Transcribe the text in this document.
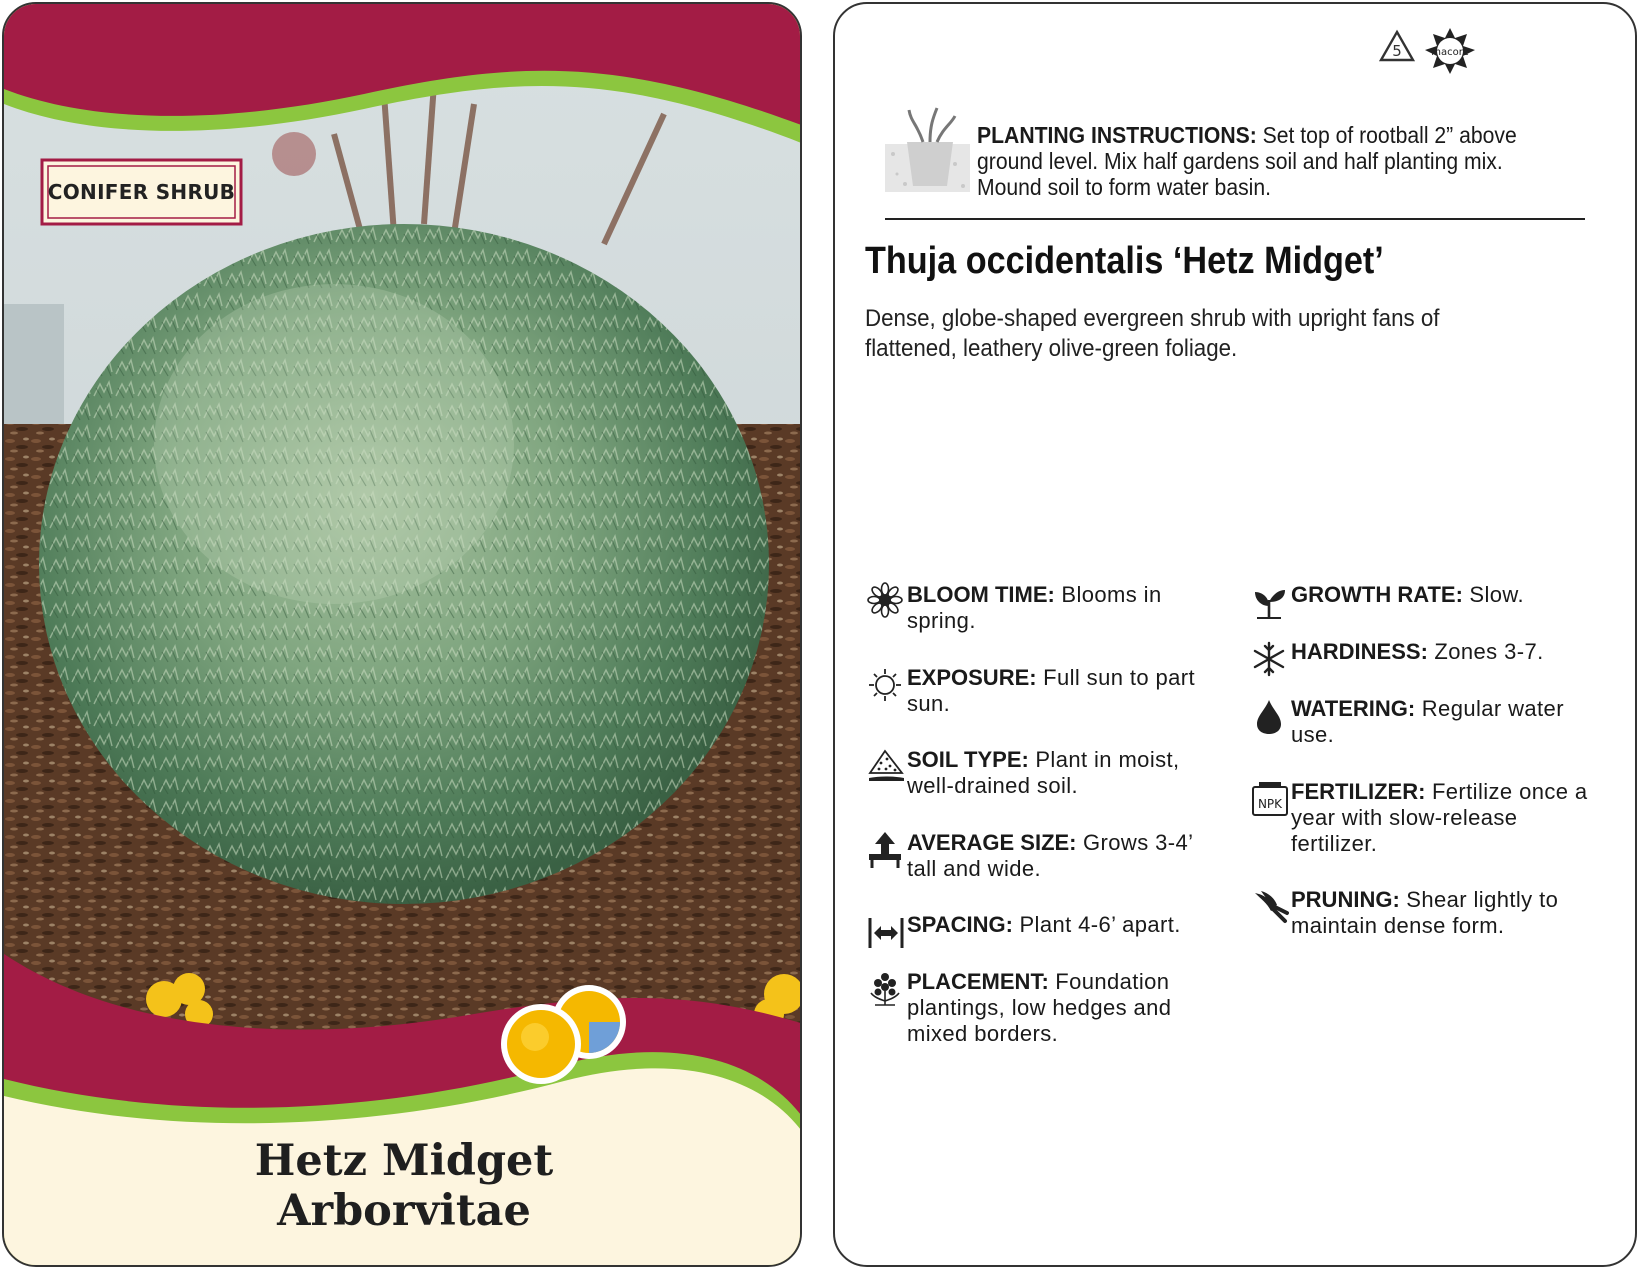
CONIFER SHRUB
Hetz Midget
Arborvitae
5	macore
PLANTING INSTRUCTIONS: Set top of rootball 2” above ground level. Mix half gardens soil and half planting mix. Mound soil to form water basin.
Thuja occidentalis ‘Hetz Midget’
Dense, globe-shaped evergreen shrub with upright fans of flattened, leathery olive-green foliage.
BLOOM TIME: Blooms in
spring.
EXPOSURE: Full sun to part
sun.
SOIL TYPE: Plant in moist,
well-drained soil.
AVERAGE SIZE: Grows 3-4’
tall and wide.
SPACING: Plant 4-6’ apart.
PLACEMENT: Foundation
plantings, low hedges and
mixed borders.
GROWTH RATE: Slow.
HARDINESS: Zones 3-7.
WATERING: Regular water
use.
NPK FERTILIZER: Fertilize once a
year with slow-release
fertilizer.
PRUNING: Shear lightly to
maintain dense form.
